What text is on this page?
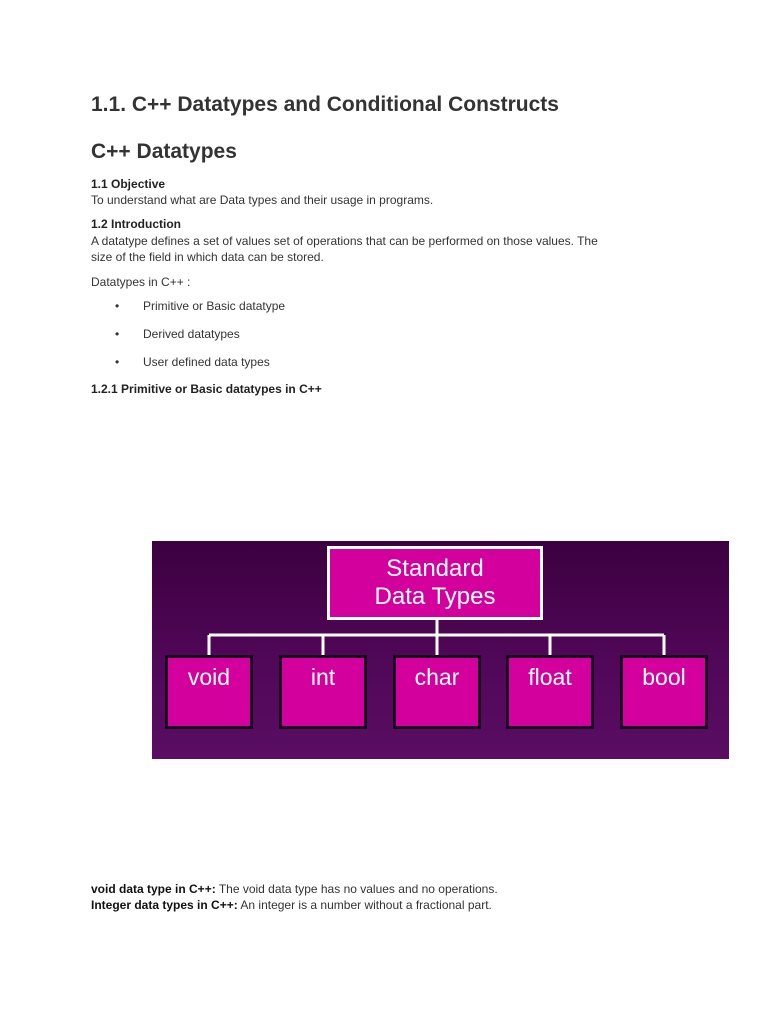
1.1. C++ Datatypes and Conditional Constructs
C++ Datatypes
1.1 Objective

To understand what are Data types and their usage in programs.

1.2 Introduction

A datatype defines a set of values set of operations that can be performed on those values. The

size of the field in which data can be stored.

Datatypes in C++ :

• Primitive or Basic datatype
• Derived datatypes
• User defined data types
1.2.1 Primitive or Basic datatypes in C++
Standard
Data Types
void	int	char	float	bool
void data type in C++: The void data type has no values and no operations.
Integer data types in C++: An integer is a number without a fractional part.
